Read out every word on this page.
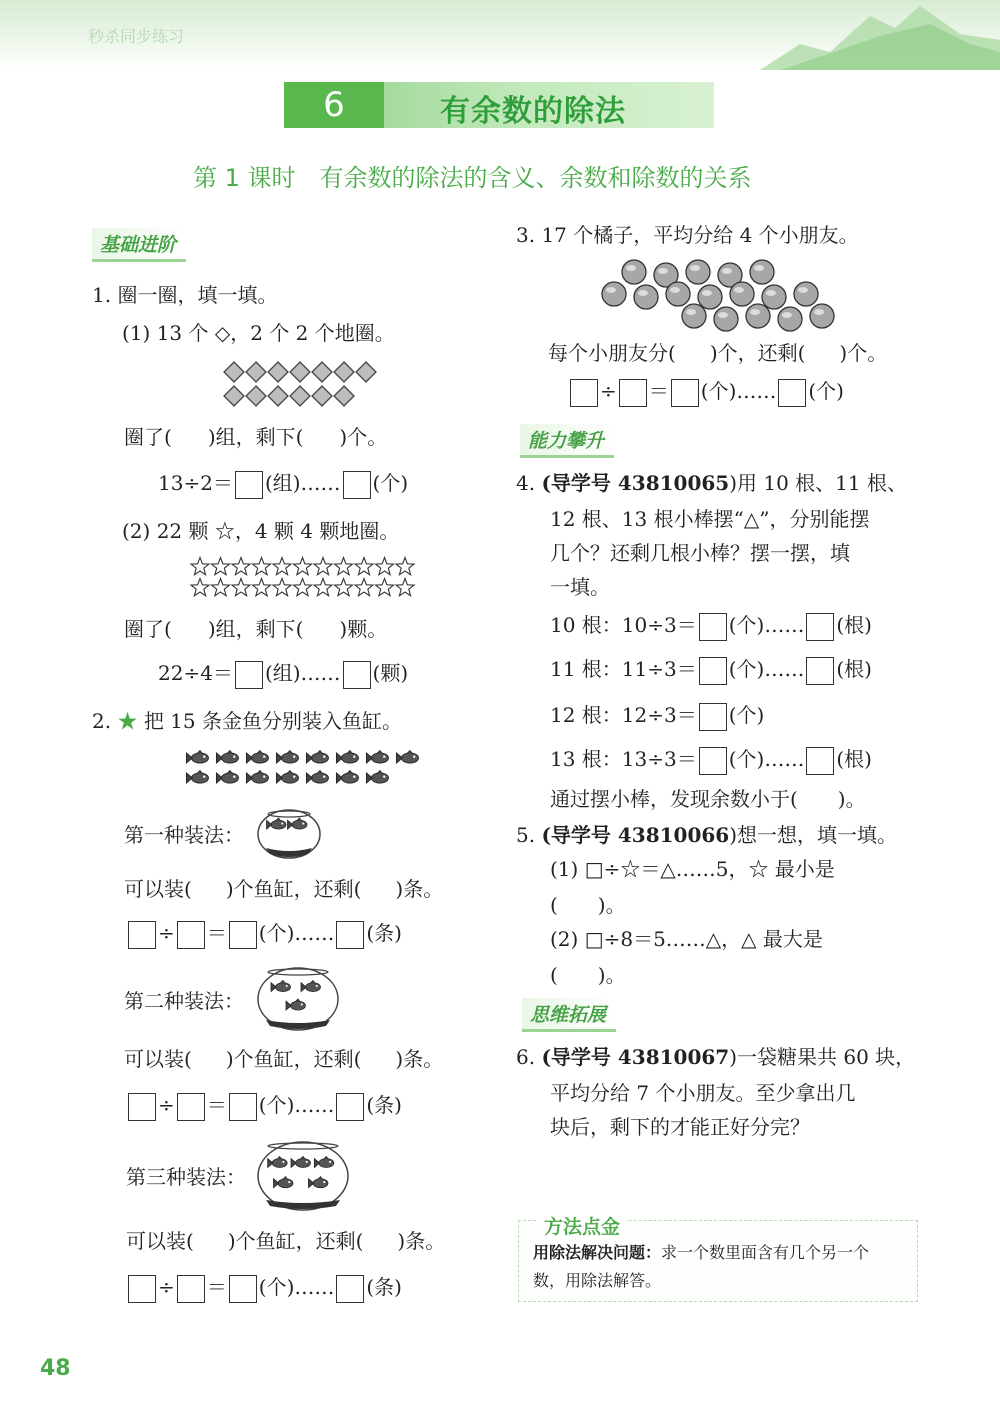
秒杀同步练习
6	有余数的除法
第 1 课时　有余数的除法的含义、余数和除数的关系
基础进阶
1. 圈一圈，填一填。
(1) 13 个 ◇，2 个 2 个地圈。
圈了( )组，剩下( )个。
13÷2＝ (组)…… (个)
(2) 22 颗 ☆，4 颗 4 颗地圈。
圈了( )组，剩下( )颗。
22÷4＝ (组)…… (颗)
2. ★ 把 15 条金鱼分别装入鱼缸。
第一种装法：
可以装( )个鱼缸，还剩( )条。
÷ ＝ (个)…… (条)
第二种装法：
可以装( )个鱼缸，还剩( )条。
÷ ＝ (个)…… (条)
第三种装法：
可以装( )个鱼缸，还剩( )条。
÷ ＝ (个)…… (条)
3. 17 个橘子，平均分给 4 个小朋友。
每个小朋友分( )个，还剩( )个。
÷ ＝ (个)…… (个)
能力攀升
4. (导学号 43810065)用 10 根、11 根、
12 根、13 根小棒摆“△”，分别能摆
几个？还剩几根小棒？摆一摆，填
一填。
10 根：10÷3＝ (个)…… (根)
11 根：11÷3＝ (个)…… (根)
12 根：12÷3＝ (个)
13 根：13÷3＝ (个)…… (根)
通过摆小棒，发现余数小于(　　)。
5. (导学号 43810066)想一想，填一填。
(1) □÷☆＝△……5，☆ 最小是
(　　)。
(2) □÷8＝5……△，△ 最大是
(　　)。
思维拓展
6. (导学号 43810067)一袋糖果共 60 块，
平均分给 7 个小朋友。至少拿出几
块后，剩下的才能正好分完？
方法点金
用除法解决问题：求一个数里面含有几个另一个
数，用除法解答。
48
